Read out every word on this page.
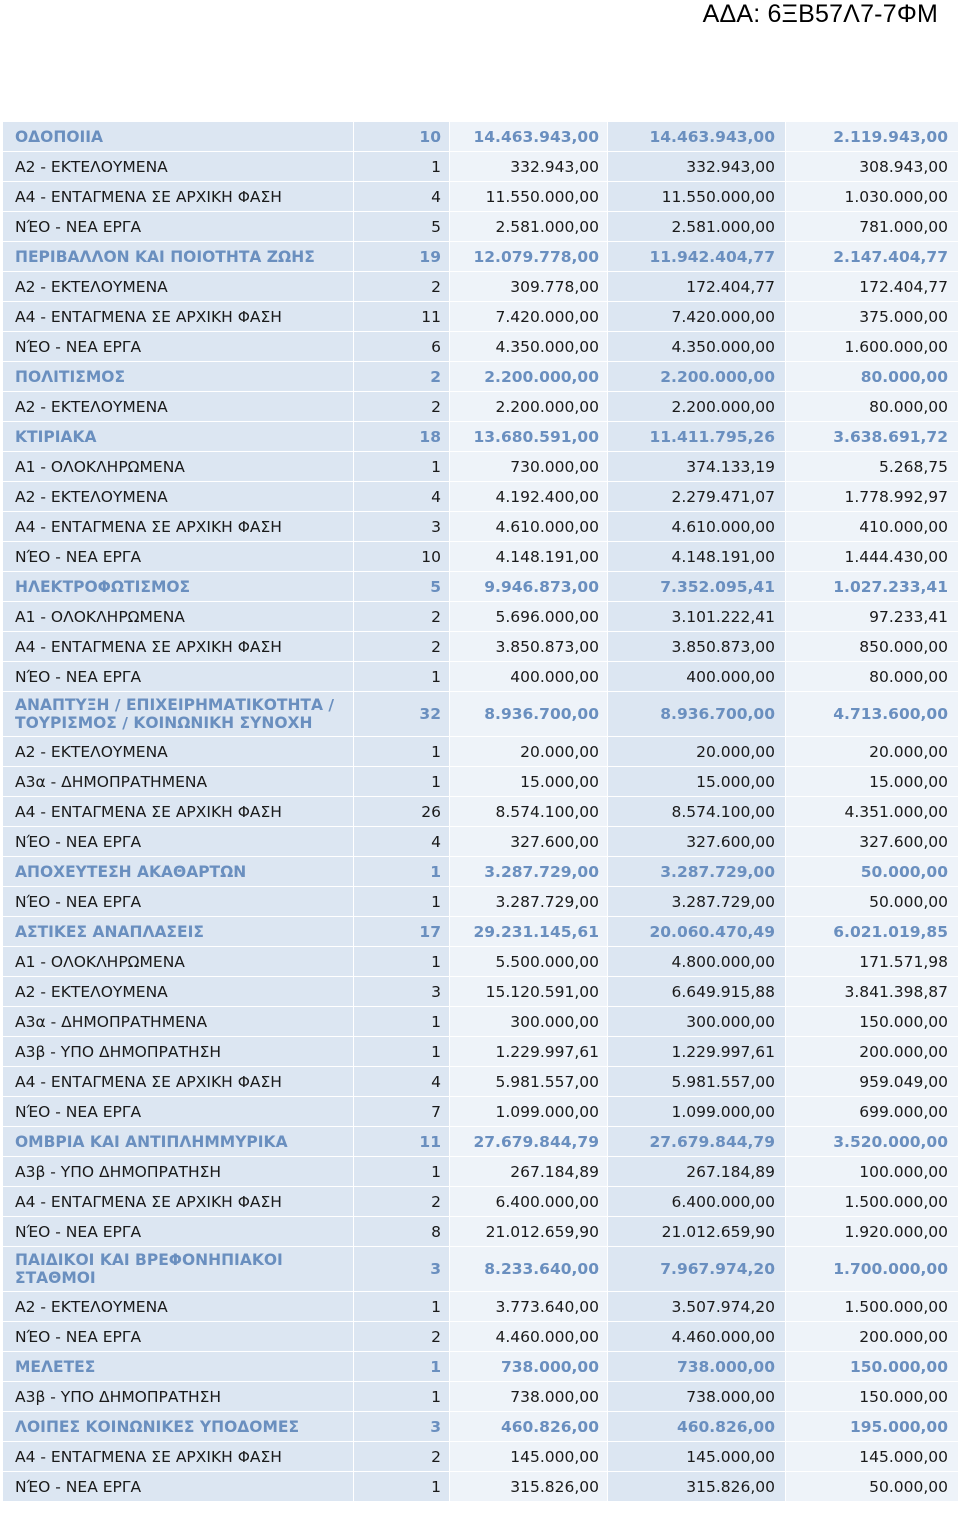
ΑΔΑ: 6ΞΒ57Λ7-7ΦΜ
ΟΔΟΠΟΙΙΑ	10	14.463.943,00	14.463.943,00	2.119.943,00
Α2 - ΕΚΤΕΛΟΥΜΕΝΑ	1	332.943,00	332.943,00	308.943,00
Α4 - ΕΝΤΑΓΜΕΝΑ ΣΕ ΑΡΧΙΚΗ ΦΑΣΗ	4	11.550.000,00	11.550.000,00	1.030.000,00
ΝΈΟ - ΝΕΑ ΕΡΓΑ	5	2.581.000,00	2.581.000,00	781.000,00
ΠΕΡΙΒΑΛΛΟΝ ΚΑΙ ΠΟΙΟΤΗΤΑ ΖΩΗΣ	19	12.079.778,00	11.942.404,77	2.147.404,77
Α2 - ΕΚΤΕΛΟΥΜΕΝΑ	2	309.778,00	172.404,77	172.404,77
Α4 - ΕΝΤΑΓΜΕΝΑ ΣΕ ΑΡΧΙΚΗ ΦΑΣΗ	11	7.420.000,00	7.420.000,00	375.000,00
ΝΈΟ - ΝΕΑ ΕΡΓΑ	6	4.350.000,00	4.350.000,00	1.600.000,00
ΠΟΛΙΤΙΣΜΟΣ	2	2.200.000,00	2.200.000,00	80.000,00
Α2 - ΕΚΤΕΛΟΥΜΕΝΑ	2	2.200.000,00	2.200.000,00	80.000,00
ΚΤΙΡΙΑΚΑ	18	13.680.591,00	11.411.795,26	3.638.691,72
Α1 - ΟΛΟΚΛΗΡΩΜΕΝΑ	1	730.000,00	374.133,19	5.268,75
Α2 - ΕΚΤΕΛΟΥΜΕΝΑ	4	4.192.400,00	2.279.471,07	1.778.992,97
Α4 - ΕΝΤΑΓΜΕΝΑ ΣΕ ΑΡΧΙΚΗ ΦΑΣΗ	3	4.610.000,00	4.610.000,00	410.000,00
ΝΈΟ - ΝΕΑ ΕΡΓΑ	10	4.148.191,00	4.148.191,00	1.444.430,00
ΗΛΕΚΤΡΟΦΩΤΙΣΜΟΣ	5	9.946.873,00	7.352.095,41	1.027.233,41
Α1 - ΟΛΟΚΛΗΡΩΜΕΝΑ	2	5.696.000,00	3.101.222,41	97.233,41
Α4 - ΕΝΤΑΓΜΕΝΑ ΣΕ ΑΡΧΙΚΗ ΦΑΣΗ	2	3.850.873,00	3.850.873,00	850.000,00
ΝΈΟ - ΝΕΑ ΕΡΓΑ	1	400.000,00	400.000,00	80.000,00
ΑΝΑΠΤΥΞΗ / ΕΠΙΧΕΙΡΗΜΑΤΙΚΟΤΗΤΑ / ΤΟΥΡΙΣΜΟΣ / ΚΟΙΝΩΝΙΚΗ ΣΥΝΟΧΗ	32	8.936.700,00	8.936.700,00	4.713.600,00
Α2 - ΕΚΤΕΛΟΥΜΕΝΑ	1	20.000,00	20.000,00	20.000,00
Α3α - ΔΗΜΟΠΡΑΤΗΜΕΝΑ	1	15.000,00	15.000,00	15.000,00
Α4 - ΕΝΤΑΓΜΕΝΑ ΣΕ ΑΡΧΙΚΗ ΦΑΣΗ	26	8.574.100,00	8.574.100,00	4.351.000,00
ΝΈΟ - ΝΕΑ ΕΡΓΑ	4	327.600,00	327.600,00	327.600,00
ΑΠΟΧΕΥΤΕΣΗ ΑΚΑΘΑΡΤΩΝ	1	3.287.729,00	3.287.729,00	50.000,00
ΝΈΟ - ΝΕΑ ΕΡΓΑ	1	3.287.729,00	3.287.729,00	50.000,00
ΑΣΤΙΚΕΣ ΑΝΑΠΛΑΣΕΙΣ	17	29.231.145,61	20.060.470,49	6.021.019,85
Α1 - ΟΛΟΚΛΗΡΩΜΕΝΑ	1	5.500.000,00	4.800.000,00	171.571,98
Α2 - ΕΚΤΕΛΟΥΜΕΝΑ	3	15.120.591,00	6.649.915,88	3.841.398,87
Α3α - ΔΗΜΟΠΡΑΤΗΜΕΝΑ	1	300.000,00	300.000,00	150.000,00
Α3β - ΥΠΟ ΔΗΜΟΠΡΑΤΗΣΗ	1	1.229.997,61	1.229.997,61	200.000,00
Α4 - ΕΝΤΑΓΜΕΝΑ ΣΕ ΑΡΧΙΚΗ ΦΑΣΗ	4	5.981.557,00	5.981.557,00	959.049,00
ΝΈΟ - ΝΕΑ ΕΡΓΑ	7	1.099.000,00	1.099.000,00	699.000,00
ΟΜΒΡΙΑ ΚΑΙ ΑΝΤΙΠΛΗΜΜΥΡΙΚΑ	11	27.679.844,79	27.679.844,79	3.520.000,00
Α3β - ΥΠΟ ΔΗΜΟΠΡΑΤΗΣΗ	1	267.184,89	267.184,89	100.000,00
Α4 - ΕΝΤΑΓΜΕΝΑ ΣΕ ΑΡΧΙΚΗ ΦΑΣΗ	2	6.400.000,00	6.400.000,00	1.500.000,00
ΝΈΟ - ΝΕΑ ΕΡΓΑ	8	21.012.659,90	21.012.659,90	1.920.000,00
ΠΑΙΔΙΚΟΙ ΚΑΙ ΒΡΕΦΟΝΗΠΙΑΚΟΙ ΣΤΑΘΜΟΙ	3	8.233.640,00	7.967.974,20	1.700.000,00
Α2 - ΕΚΤΕΛΟΥΜΕΝΑ	1	3.773.640,00	3.507.974,20	1.500.000,00
ΝΈΟ - ΝΕΑ ΕΡΓΑ	2	4.460.000,00	4.460.000,00	200.000,00
ΜΕΛΕΤΕΣ	1	738.000,00	738.000,00	150.000,00
Α3β - ΥΠΟ ΔΗΜΟΠΡΑΤΗΣΗ	1	738.000,00	738.000,00	150.000,00
ΛΟΙΠΕΣ ΚΟΙΝΩΝΙΚΕΣ ΥΠΟΔΟΜΕΣ	3	460.826,00	460.826,00	195.000,00
Α4 - ΕΝΤΑΓΜΕΝΑ ΣΕ ΑΡΧΙΚΗ ΦΑΣΗ	2	145.000,00	145.000,00	145.000,00
ΝΈΟ - ΝΕΑ ΕΡΓΑ	1	315.826,00	315.826,00	50.000,00
